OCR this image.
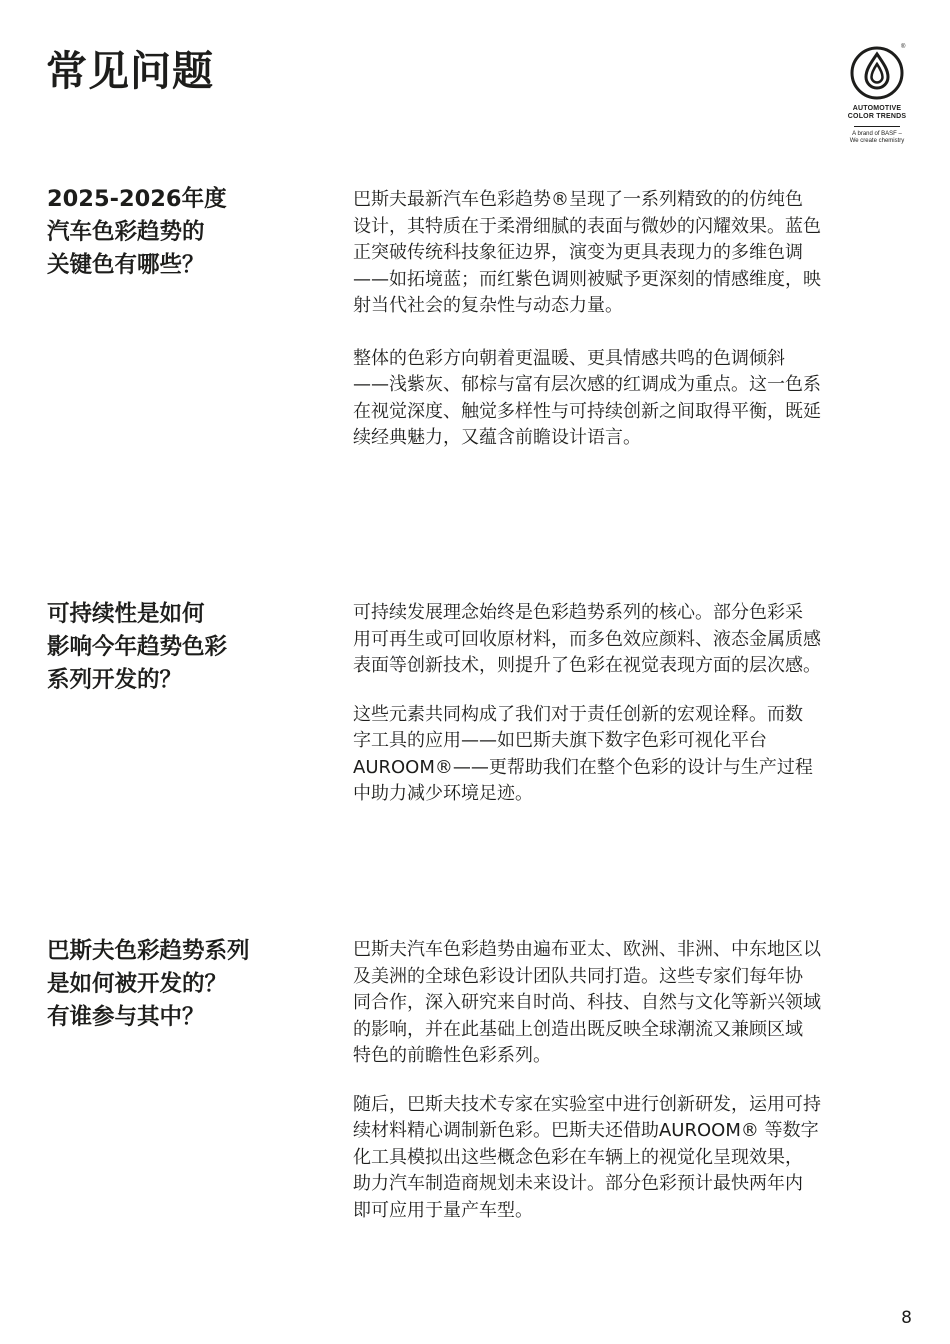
常见问题	®
AUTOMOTIVE
COLOR TRENDS
A brand of BASF –
We create chemistry
2025-2026年度
汽车色彩趋势的
关键色有哪些？

巴斯夫最新汽车色彩趋势®呈现了一系列精致的的仿纯色
设计，其特质在于柔滑细腻的表面与微妙的闪耀效果。蓝色
正突破传统科技象征边界，演变为更具表现力的多维色调
——如拓境蓝；而红紫色调则被赋予更深刻的情感维度，映
射当代社会的复杂性与动态力量。

整体的色彩方向朝着更温暖、更具情感共鸣的色调倾斜
——浅紫灰、郁棕与富有层次感的红调成为重点。这一色系
在视觉深度、触觉多样性与可持续创新之间取得平衡，既延
续经典魅力，又蕴含前瞻设计语言。

可持续性是如何
影响今年趋势色彩
系列开发的？

可持续发展理念始终是色彩趋势系列的核心。部分色彩采
用可再生或可回收原材料，而多色效应颜料、液态金属质感
表面等创新技术，则提升了色彩在视觉表现方面的层次感。

这些元素共同构成了我们对于责任创新的宏观诠释。而数
字工具的应用——如巴斯夫旗下数字色彩可视化平台
AUROOM®——更帮助我们在整个色彩的设计与生产过程
中助力减少环境足迹。

巴斯夫色彩趋势系列
是如何被开发的？
有谁参与其中？

巴斯夫汽车色彩趋势由遍布亚太、欧洲、非洲、中东地区以
及美洲的全球色彩设计团队共同打造。这些专家们每年协
同合作，深入研究来自时尚、科技、自然与文化等新兴领域
的影响，并在此基础上创造出既反映全球潮流又兼顾区域
特色的前瞻性色彩系列。

随后，巴斯夫技术专家在实验室中进行创新研发，运用可持
续材料精心调制新色彩。巴斯夫还借助AUROOM® 等数字
化工具模拟出这些概念色彩在车辆上的视觉化呈现效果，
助力汽车制造商规划未来设计。部分色彩预计最快两年内
即可应用于量产车型。

8
